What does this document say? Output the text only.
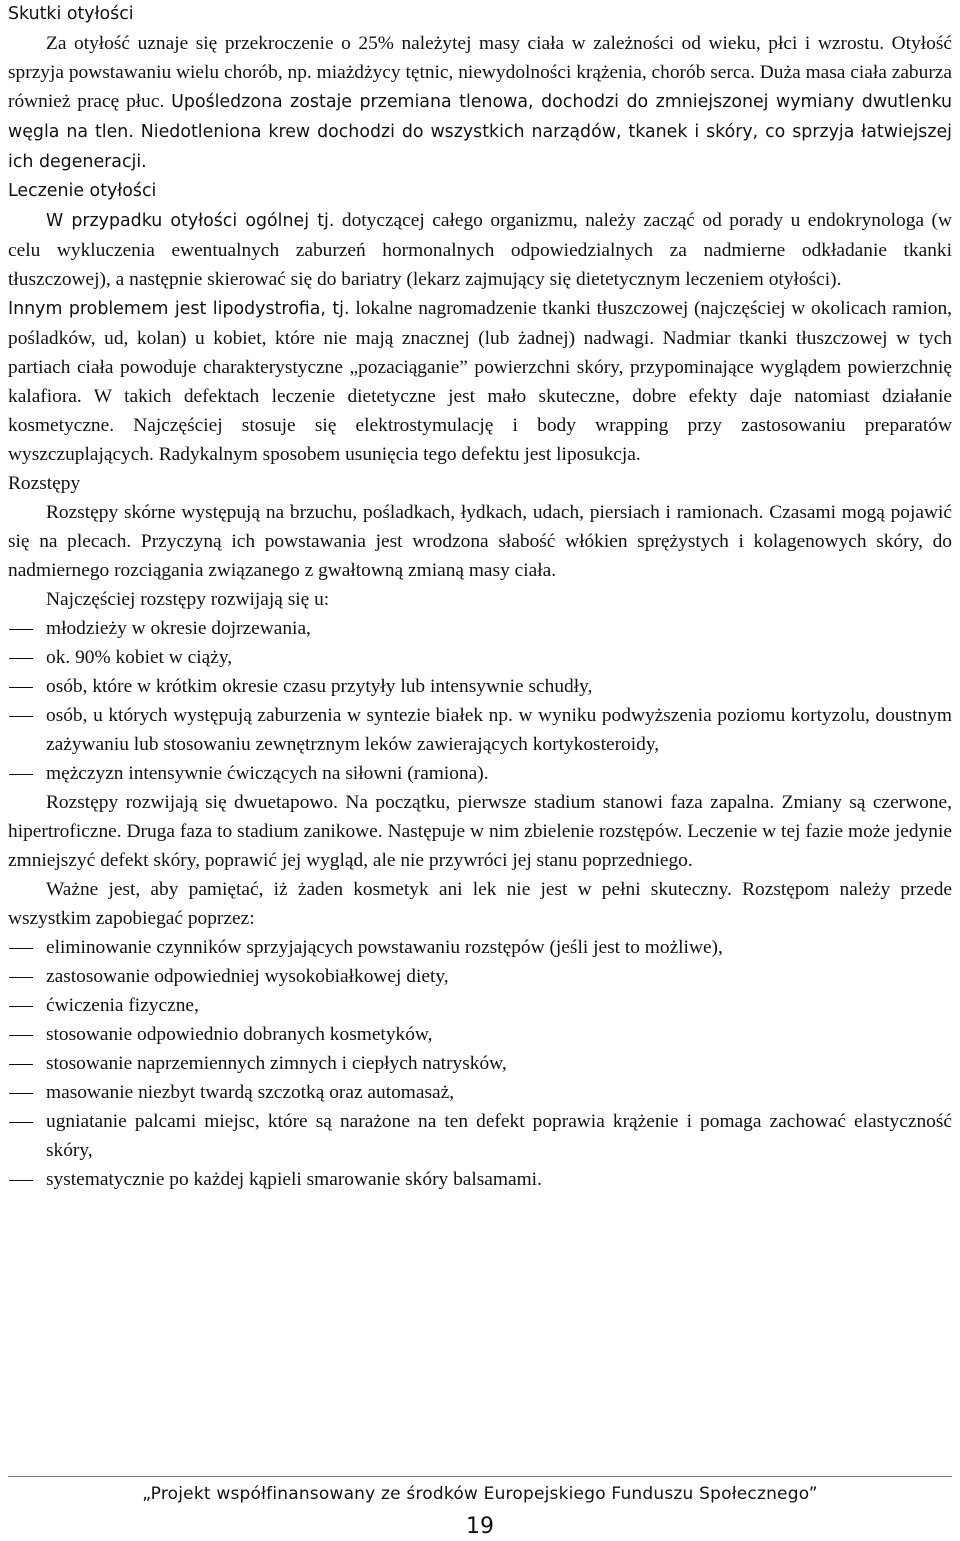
Skutki otyłości

Za otyłość uznaje się przekroczenie o 25% należytej masy ciała w zależności od wieku, płci i wzrostu. Otyłość sprzyja powstawaniu wielu chorób, np. miażdżycy tętnic, niewydolności krążenia, chorób serca. Duża masa ciała zaburza również pracę płuc. Upośledzona zostaje przemiana tlenowa, dochodzi do zmniejszonej wymiany dwutlenku węgla na tlen. Niedotleniona krew dochodzi do wszystkich narządów, tkanek i skóry, co sprzyja łatwiejszej ich degeneracji.

Leczenie otyłości

W przypadku otyłości ogólnej tj. dotyczącej całego organizmu, należy zacząć od porady u endokrynologa (w celu wykluczenia ewentualnych zaburzeń hormonalnych odpowiedzialnych za nadmierne odkładanie tkanki tłuszczowej), a następnie skierować się do bariatry (lekarz zajmujący się dietetycznym leczeniem otyłości).

Innym problemem jest lipodystrofia, tj. lokalne nagromadzenie tkanki tłuszczowej (najczęściej w okolicach ramion, pośladków, ud, kolan) u kobiet, które nie mają znacznej (lub żadnej) nadwagi. Nadmiar tkanki tłuszczowej w tych partiach ciała powoduje charakterystyczne „pozaciąganie” powierzchni skóry, przypominające wyglądem powierzchnię kalafiora. W takich defektach leczenie dietetyczne jest mało skuteczne, dobre efekty daje natomiast działanie kosmetyczne. Najczęściej stosuje się elektrostymulację i body wrapping przy zastosowaniu preparatów wyszczuplających. Radykalnym sposobem usunięcia tego defektu jest liposukcja.

Rozstępy

Rozstępy skórne występują na brzuchu, pośladkach, łydkach, udach, piersiach i ramionach. Czasami mogą pojawić się na plecach. Przyczyną ich powstawania jest wrodzona słabość włókien sprężystych i kolagenowych skóry, do nadmiernego rozciągania związanego z gwałtowną zmianą masy ciała.

Najczęściej rozstępy rozwijają się u:

młodzieży w okresie dojrzewania,
ok. 90% kobiet w ciąży,
osób, które w krótkim okresie czasu przytyły lub intensywnie schudły,
osób, u których występują zaburzenia w syntezie białek np. w wyniku podwyższenia poziomu kortyzolu, doustnym zażywaniu lub stosowaniu zewnętrznym leków zawierających kortykosteroidy,
mężczyzn intensywnie ćwiczących na siłowni (ramiona).

Rozstępy rozwijają się dwuetapowo. Na początku, pierwsze stadium stanowi faza zapalna. Zmiany są czerwone, hipertroficzne. Druga faza to stadium zanikowe. Następuje w nim zbielenie rozstępów. Leczenie w tej fazie może jedynie zmniejszyć defekt skóry, poprawić jej wygląd, ale nie przywróci jej stanu poprzedniego.

Ważne jest, aby pamiętać, iż żaden kosmetyk ani lek nie jest w pełni skuteczny. Rozstępom należy przede wszystkim zapobiegać poprzez:

eliminowanie czynników sprzyjających powstawaniu rozstępów (jeśli jest to możliwe),
zastosowanie odpowiedniej wysokobiałkowej diety,
ćwiczenia fizyczne,
stosowanie odpowiednio dobranych kosmetyków,
stosowanie naprzemiennych zimnych i ciepłych natrysków,
masowanie niezbyt twardą szczotką oraz automasaż,
ugniatanie palcami miejsc, które są narażone na ten defekt poprawia krążenie i pomaga zachować elastyczność skóry,
systematycznie po każdej kąpieli smarowanie skóry balsamami.
„Projekt współfinansowany ze środków Europejskiego Funduszu Społecznego”
19
